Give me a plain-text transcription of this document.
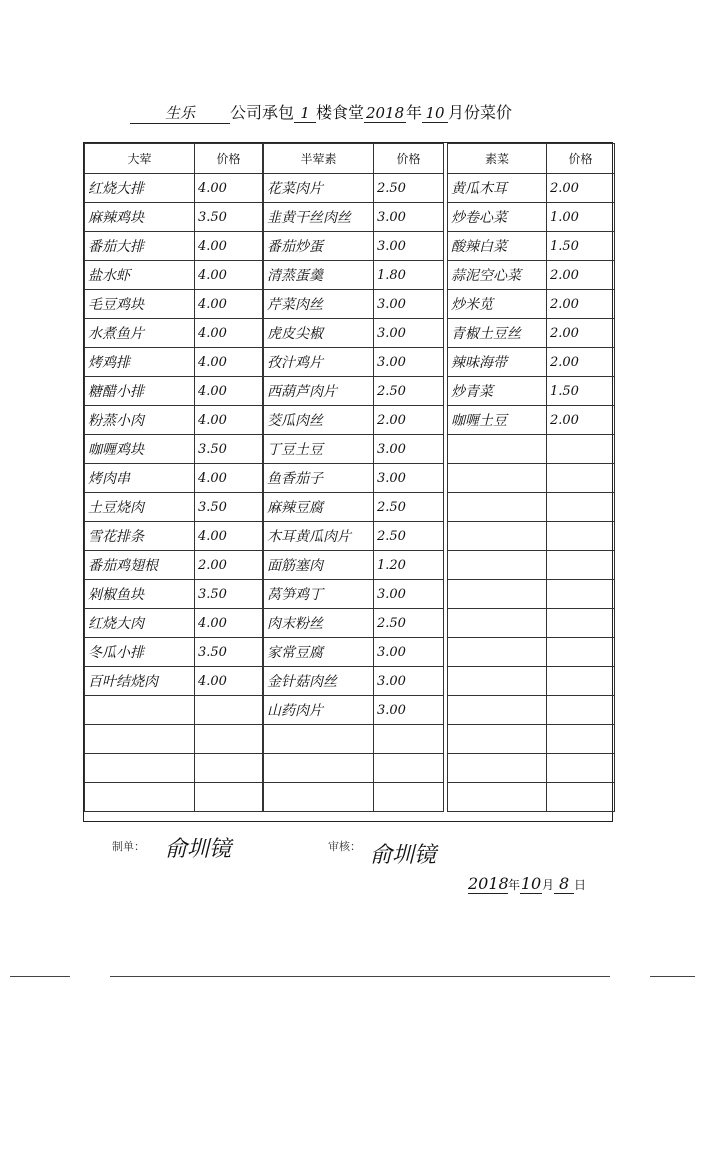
生乐 公司承包 1 楼食堂 2018 年 10 月份菜价
大荤	价格
红烧大排	4.00
麻辣鸡块	3.50
番茄大排	4.00
盐水虾	4.00
毛豆鸡块	4.00
水煮鱼片	4.00
烤鸡排	4.00
糖醋小排	4.00
粉蒸小肉	4.00
咖喱鸡块	3.50
烤肉串	4.00
土豆烧肉	3.50
雪花排条	4.00
番茄鸡翅根	2.00
剁椒鱼块	3.50
红烧大肉	4.00
冬瓜小排	3.50
百叶结烧肉	4.00

半荤素	价格
花菜肉片	2.50
韭黄干丝肉丝	3.00
番茄炒蛋	3.00
清蒸蛋羹	1.80
芹菜肉丝	3.00
虎皮尖椒	3.00
孜汁鸡片	3.00
西葫芦肉片	2.50
茭瓜肉丝	2.00
丁豆土豆	3.00
鱼香茄子	3.00
麻辣豆腐	2.50
木耳黄瓜肉片	2.50
面筋塞肉	1.20
莴笋鸡丁	3.00
肉末粉丝	2.50
家常豆腐	3.00
金针菇肉丝	3.00
山药肉片	3.00

素菜	价格
黄瓜木耳	2.00
炒卷心菜	1.00
酸辣白菜	1.50
蒜泥空心菜	2.00
炒米苋	2.00
青椒土豆丝	2.00
辣味海带	2.00
炒青菜	1.50
咖喱土豆	2.00

制单： 俞圳镜	审核： 俞圳镜
2018年10月 8 日
